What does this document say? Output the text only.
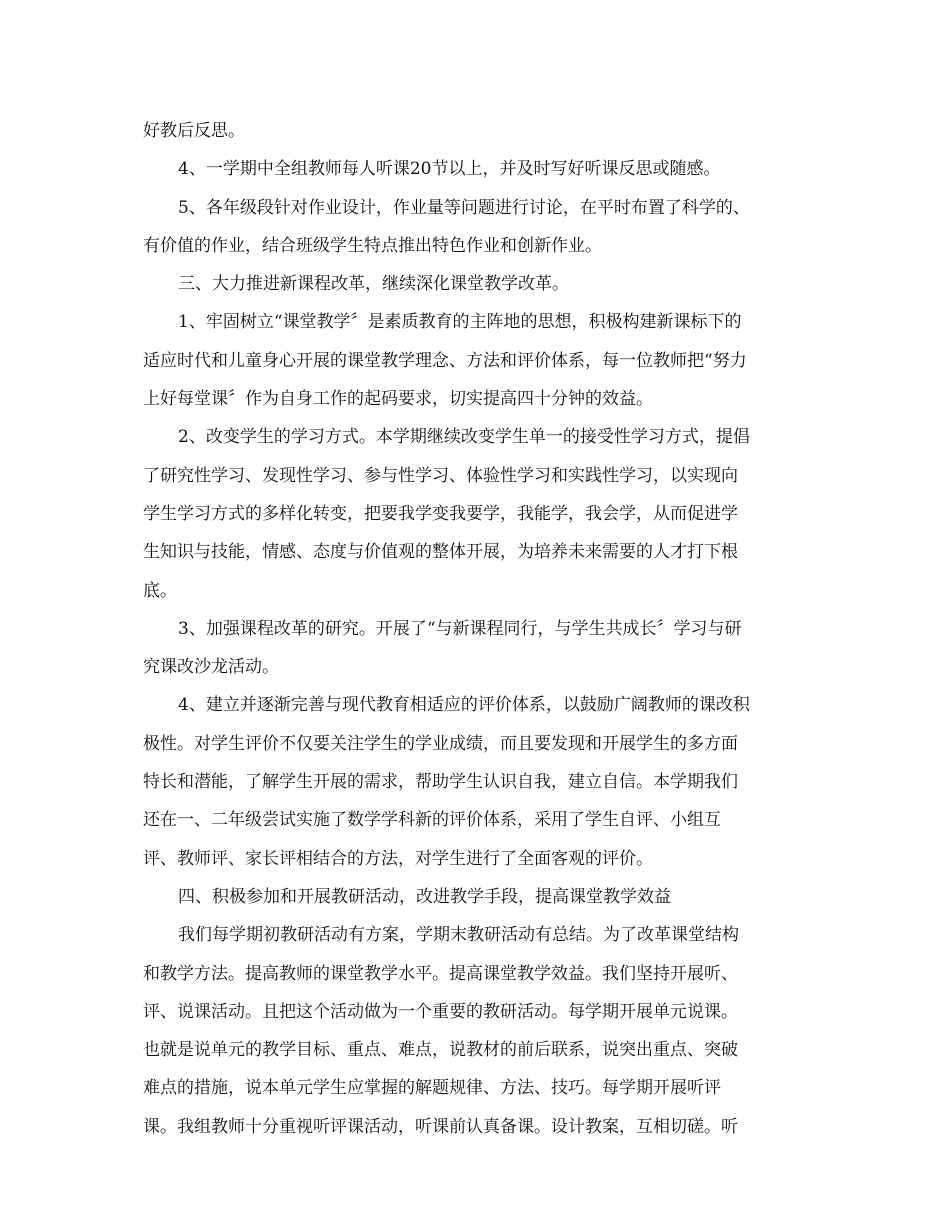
好教后反思。
4、一学期中全组教师每人听课20节以上，并及时写好听课反思或随感。
5、各年级段针对作业设计，作业量等问题进行讨论，在平时布置了科学的、
有价值的作业，结合班级学生特点推出特色作业和创新作业。
三、大力推进新课程改革，继续深化课堂教学改革。
1、牢固树立“课堂教学〞是素质教育的主阵地的思想，积极构建新课标下的
适应时代和儿童身心开展的课堂教学理念、方法和评价体系，每一位教师把“努力
上好每堂课〞作为自身工作的起码要求，切实提高四十分钟的效益。
2、改变学生的学习方式。本学期继续改变学生单一的接受性学习方式，提倡
了研究性学习、发现性学习、参与性学习、体验性学习和实践性学习，以实现向
学生学习方式的多样化转变，把要我学变我要学，我能学，我会学，从而促进学
生知识与技能，情感、态度与价值观的整体开展，为培养未来需要的人才打下根
底。
3、加强课程改革的研究。开展了“与新课程同行，与学生共成长〞学习与研
究课改沙龙活动。
4、建立并逐渐完善与现代教育相适应的评价体系，以鼓励广阔教师的课改积
极性。对学生评价不仅要关注学生的学业成绩，而且要发现和开展学生的多方面
特长和潜能，了解学生开展的需求，帮助学生认识自我，建立自信。本学期我们
还在一、二年级尝试实施了数学学科新的评价体系，采用了学生自评、小组互
评、教师评、家长评相结合的方法，对学生进行了全面客观的评价。
四、积极参加和开展教研活动，改进教学手段，提高课堂教学效益
我们每学期初教研活动有方案，学期末教研活动有总结。为了改革课堂结构
和教学方法。提高教师的课堂教学水平。提高课堂教学效益。我们坚持开展听、
评、说课活动。且把这个活动做为一个重要的教研活动。每学期开展单元说课。
也就是说单元的教学目标、重点、难点，说教材的前后联系，说突出重点、突破
难点的措施，说本单元学生应掌握的解题规律、方法、技巧。每学期开展听评
课。我组教师十分重视听评课活动，听课前认真备课。设计教案，互相切磋。听
